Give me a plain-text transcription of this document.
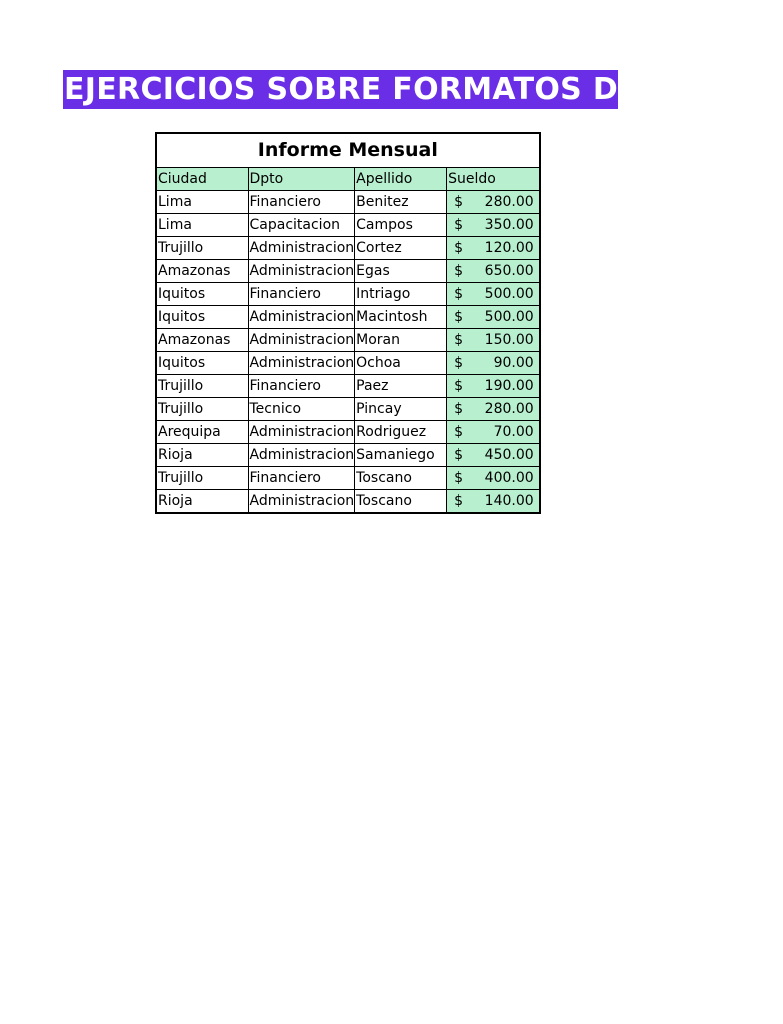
EJERCICIOS SOBRE FORMATOS DE CELDAS
Informe Mensual			
Ciudad	Dpto	Apellido	Sueldo
Lima	Financiero	Benitez	$ 280.00

Lima	Capacitacion	Campos	$ 350.00

Trujillo	Administracion	Cortez	$ 120.00

Amazonas	Administracion	Egas	$ 650.00

Iquitos	Financiero	Intriago	$ 500.00

Iquitos	Administracion	Macintosh	$ 500.00

Amazonas	Administracion	Moran	$ 150.00

Iquitos	Administracion	Ochoa	$ 90.00

Trujillo	Financiero	Paez	$ 190.00

Trujillo	Tecnico	Pincay	$ 280.00

Arequipa	Administracion	Rodriguez	$ 70.00

Rioja	Administracion	Samaniego	$ 450.00

Trujillo	Financiero	Toscano	$ 400.00

Rioja	Administracion	Toscano	$ 140.00
